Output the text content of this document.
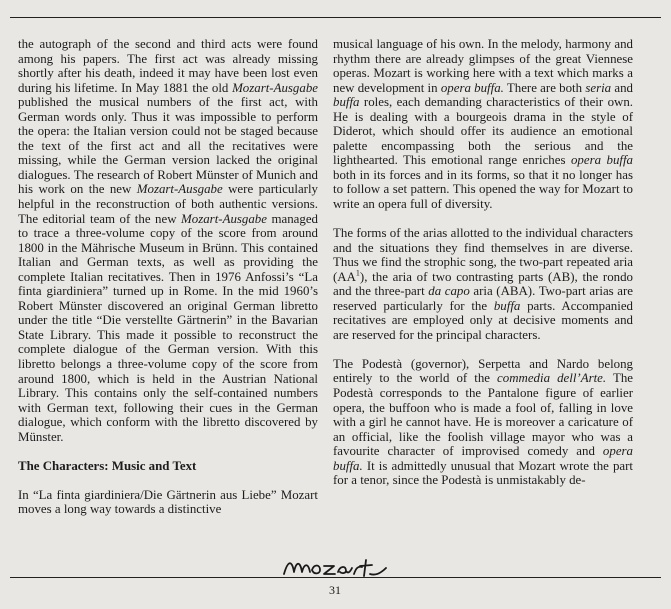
the autograph of the second and third acts were found among his papers. The first act was already missing shortly after his death, indeed it may have been lost even during his lifetime. In May 1881 the old Mozart-Ausgabe published the musical numbers of the first act, with German words only. Thus it was impossible to perform the opera: the Italian version could not be staged because the text of the first act and all the recitatives were missing, while the German version lacked the original dialogues. The research of Robert Münster of Munich and his work on the new Mozart-Ausgabe were particularly helpful in the reconstruction of both authentic versions. The editorial team of the new Mozart-Ausgabe managed to trace a three-volume copy of the score from around 1800 in the Mährische Museum in Brünn. This contained Italian and German texts, as well as providing the complete Italian recitatives. Then in 1976 Anfossi’s “La finta giardiniera” turned up in Rome. In the mid 1960’s Robert Münster discovered an original German libretto under the title “Die verstellte Gärtnerin” in the Bavarian State Library. This made it possible to reconstruct the complete dialogue of the German version. With this libretto belongs a three-volume copy of the score from around 1800, which is held in the Austrian National Library. This contains only the self-contained numbers with German text, following their cues in the German dialogue, which conform with the libretto discovered by Münster.

The Characters: Music and Text

In “La finta giardiniera/Die Gärtnerin aus Liebe” Mozart moves a long way towards a distinctive

musical language of his own. In the melody, harmony and rhythm there are already glimpses of the great Viennese operas. Mozart is working here with a text which marks a new development in opera buffa. There are both seria and buffa roles, each demanding characteristics of their own. He is dealing with a bourgeois drama in the style of Diderot, which should offer its audience an emotional palette encompassing both the serious and the lighthearted. This emotional range enriches opera buffa both in its forces and in its forms, so that it no longer has to follow a set pattern. This opened the way for Mozart to write an opera full of diversity.

The forms of the arias allotted to the individual characters and the situations they find themselves in are diverse. Thus we find the strophic song, the two-part repeated aria $(AA^1)$, the aria of two contrasting parts (AB), the rondo and the three-part da capo aria (ABA). Two-part arias are reserved particularly for the buffa parts. Accompanied recitatives are employed only at decisive moments and are reserved for the principal characters.

The Podestà (governor), Serpetta and Nardo belong entirely to the world of the commedia dell’Arte. The Podestà corresponds to the Pantalone figure of earlier opera, the buffoon who is made a fool of, falling in love with a girl he cannot have. He is moreover a caricature of an official, like the foolish village mayor who was a favourite character of improvised comedy and opera buffa. It is admittedly unusual that Mozart wrote the part for a tenor, since the Podestà is unmistakably de-

31
